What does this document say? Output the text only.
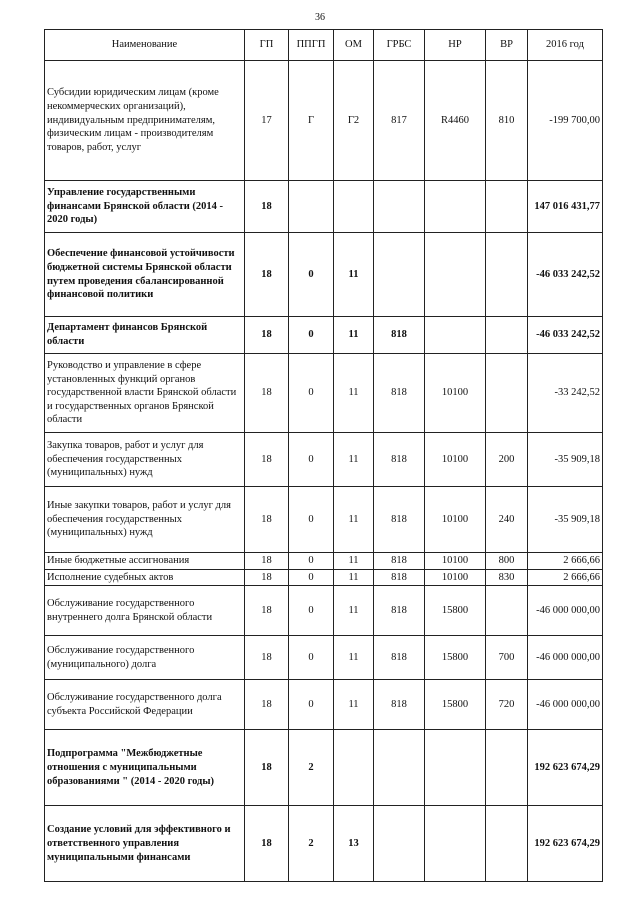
36
Наименование	ГП	ППГП	ОМ	ГРБС	НР	ВР	2016 год
Субсидии юридическим лицам (кроме некоммерческих организаций), индивидуальным предпринимателям, физическим лицам - производителям товаров, работ, услуг	17	Г	Г2	817	R4460	810	-199 700,00
Управление государственными финансами Брянской области (2014 - 2020 годы)	18						147 016 431,77
Обеспечение финансовой устойчивости бюджетной системы Брянской области путем проведения сбалансированной финансовой политики	18	0	11				-46 033 242,52
Департамент финансов Брянской области	18	0	11	818			-46 033 242,52
Руководство и управление в сфере установленных функций органов государственной власти Брянской области и государственных органов Брянской области	18	0	11	818	10100		-33 242,52
Закупка товаров, работ и услуг для обеспечения государственных (муниципальных) нужд	18	0	11	818	10100	200	-35 909,18
Иные закупки товаров, работ и услуг для обеспечения государственных (муниципальных) нужд	18	0	11	818	10100	240	-35 909,18
Иные бюджетные ассигнования	18	0	11	818	10100	800	2 666,66
Исполнение судебных актов	18	0	11	818	10100	830	2 666,66
Обслуживание государственного внутреннего долга Брянской области	18	0	11	818	15800		-46 000 000,00
Обслуживание государственного (муниципального) долга	18	0	11	818	15800	700	-46 000 000,00
Обслуживание государственного долга субъекта Российской Федерации	18	0	11	818	15800	720	-46 000 000,00
Подпрограмма "Межбюджетные отношения с муниципальными образованиями " (2014 - 2020 годы)	18	2					192 623 674,29
Создание условий для эффективного и ответственного управления муниципальными финансами	18	2	13				192 623 674,29
